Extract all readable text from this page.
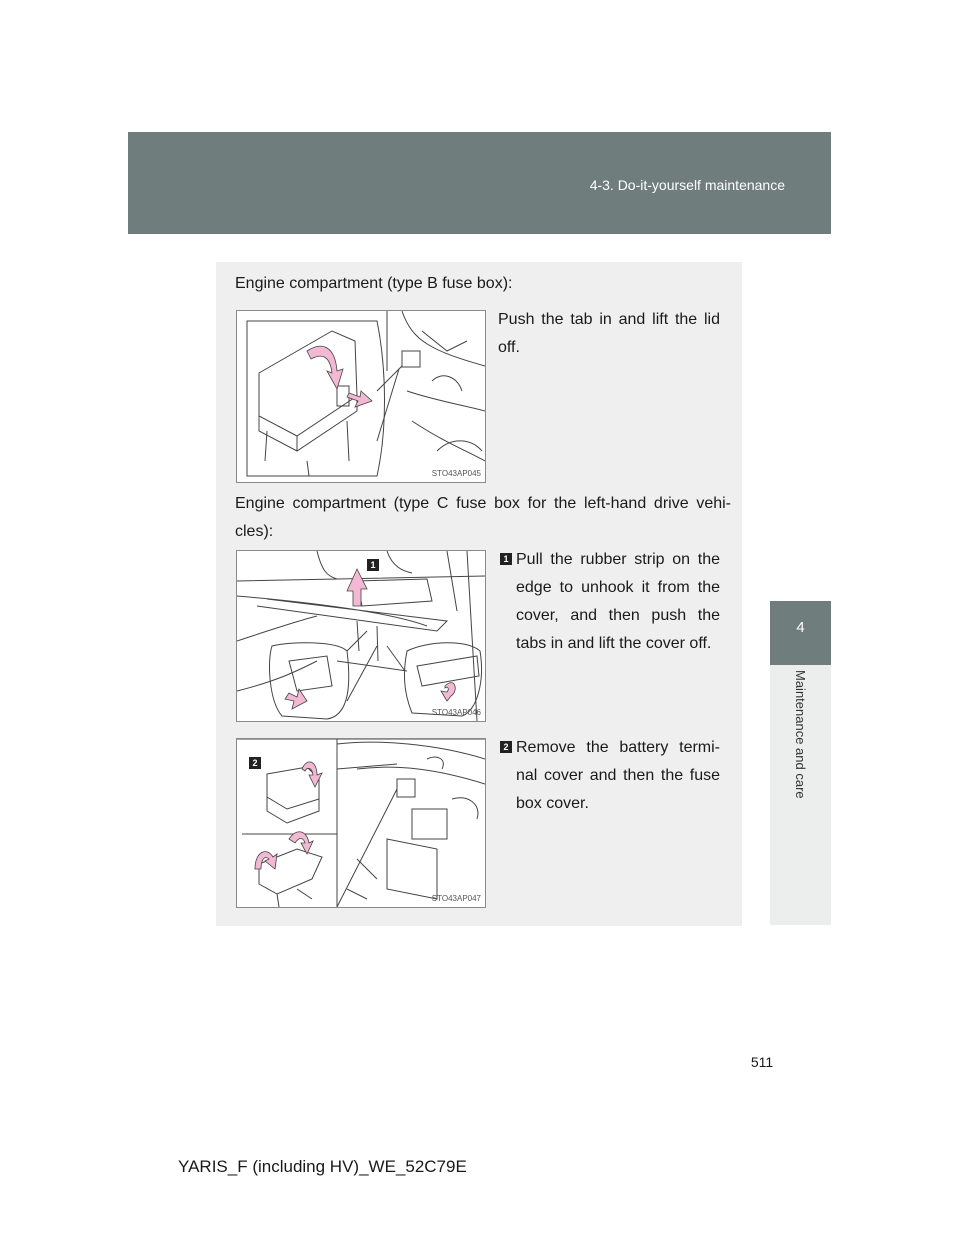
4-3. Do-it-yourself maintenance
4
Maintenance and care
Engine compartment (type B fuse box):
Push the tab in and lift the lid off.
STO43AP045
Engine compartment (type C fuse box for the left-hand drive vehi-cles):
1
STO43AP046
1 Pull the rubber strip on the edge to unhook it from the cover, and then push the tabs in and lift the cover off.
2
STO43AP047
2 Remove the battery termi-nal cover and then the fuse box cover.
511
YARIS_F (including HV)_WE_52C79E
